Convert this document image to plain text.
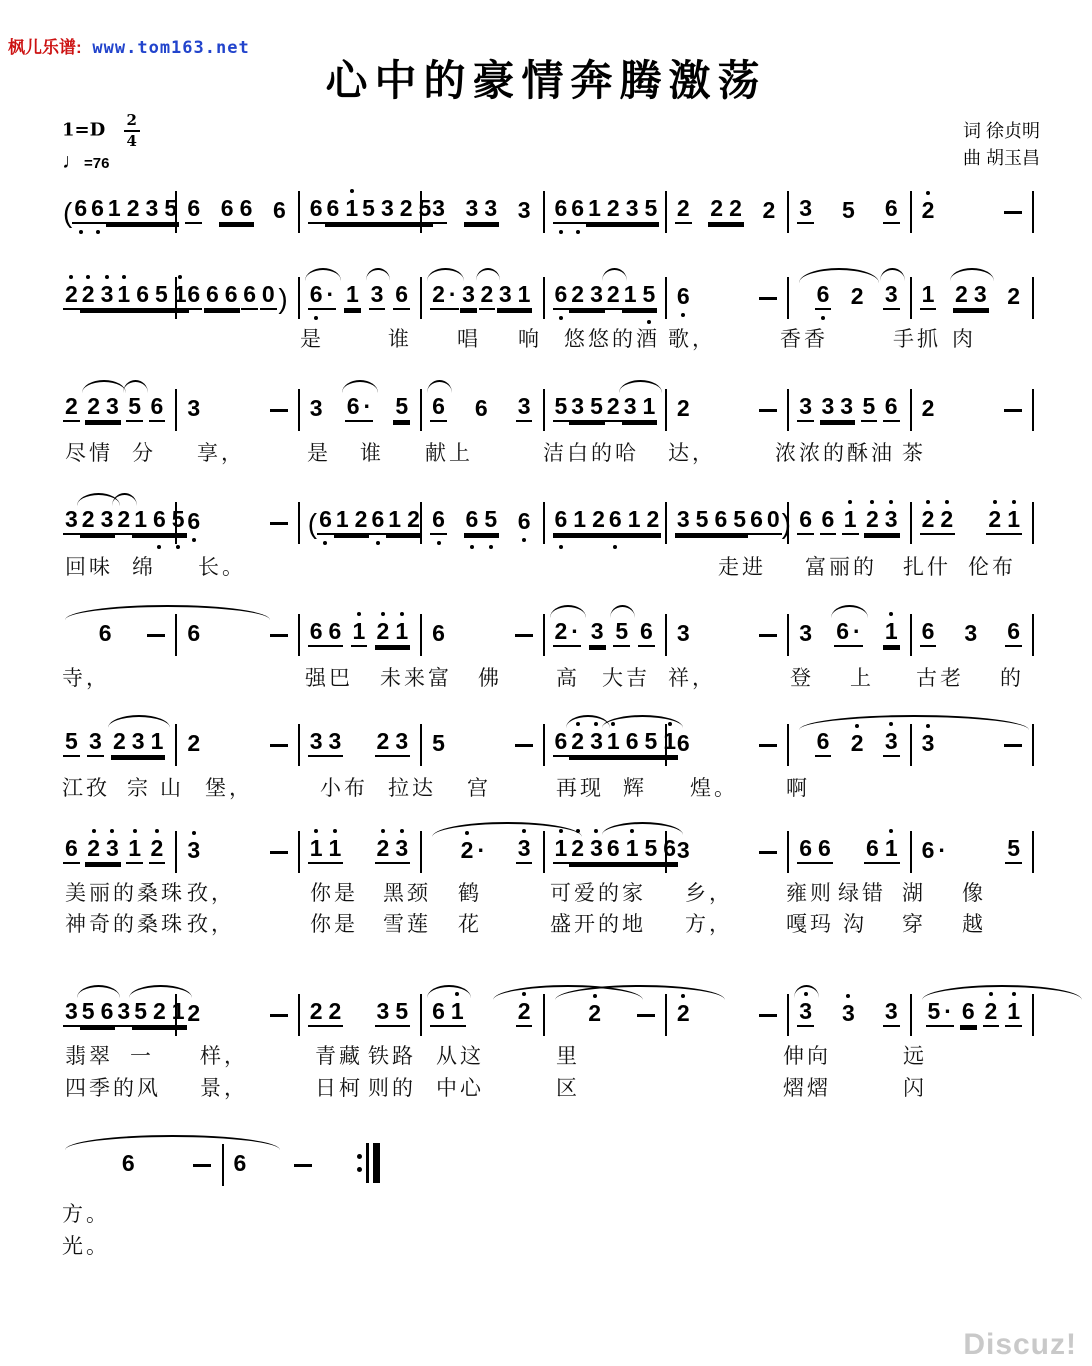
枫儿乐谱: www.tom163.net
心中的豪情奔腾激荡
$1=D \frac{2}{4}$
♩=76
词 徐贞明
曲 胡玉昌
( 6 6 1 2 3 5 6 6 6 6 6 6 1 5 3 2 5 3 3 3 3 6 6 1 2 3 5 2 2 2 2 3 5 6 2
2 2 3 1 6 5 1 6 6 6 6 0 ) 6 · 1 3 6 2 · 3 2 3 1 6 2 3 2 1 5 6	6 2 3 1 2 3 2
是	谁 唱 响 悠悠的酒 歌，	香香	手抓 肉
2 2 3 5 6 3	3 6 · 5 6 6 3 5 3 5 2 3 1 2	3 3 3 5 6 2
尽情 分 享，	是 谁 献上	洁白的哈 达，	浓浓的酥油 茶
3 2 3 2 1 6 5 6	( 6 1 2 6 1 2 6 6 5 6 6 1 2 6 1 2 3 5 6 5 6 0 ) 6 6 1 2 3 2 2 2 1
回味 绵 长。	走进 富丽的 扎什 伦布
6	6	6 6 1 2 1 6	2 · 3 5 6 3	3 6 · 1 6 3 6
寺，	强巴 未来富 佛	高 大吉 祥，	登 上 古老 的
5 3 2 3 1 2	3 3 2 3 5	6 2 3 1 6 5 1 6	6 2 3 3
江孜 宗 山 堡，	小布 拉达 宫	再现 辉 煌。 啊
6 2 3 1 2 3	1 1 2 3 2 · 3 1 2 3 6 1 5 6 3	6 6 6 1 6 ·	5
美丽的桑珠 孜，	你是 黑颈 鹤	可爱的家 乡，	雍则 绿错 湖 像
神奇的桑珠 孜，	你是 雪莲 花	盛开的地 方，	嘎玛 沟 穿 越
3 5 6 3 5 2 1 2	2 2 3 5 6 1 2	2	2	3 3 3 5 · 6 2 1
翡翠 一 样，	青藏 铁路 从这	里	伸向	远
四季的风 景，	日柯 则的 中心	区	熠熠	闪
6	6
方。
光。
Discuz!
